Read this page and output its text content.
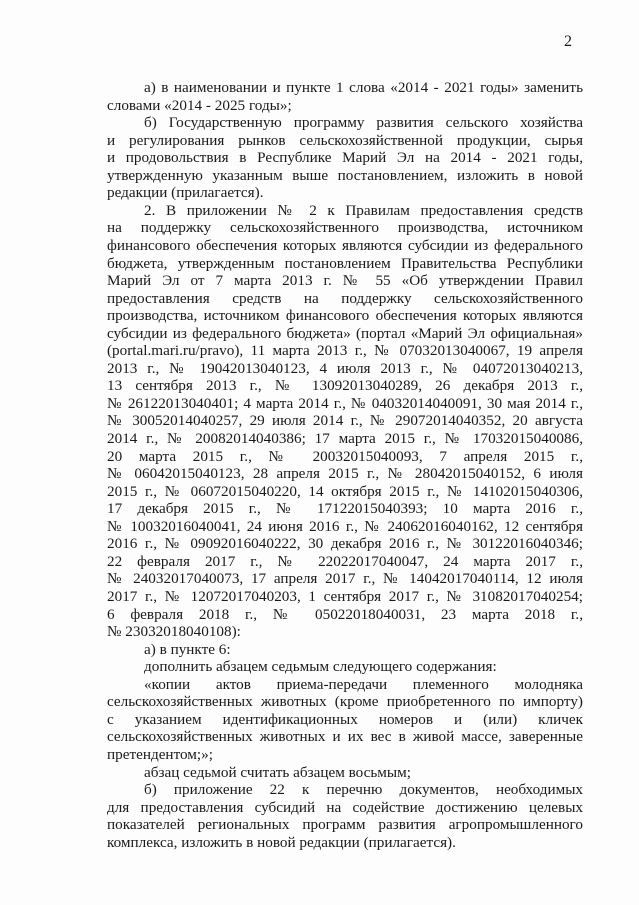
2
а) в наименовании и пункте 1 слова «2014 - 2021 годы» заменить
словами «2014 - 2025 годы»;
б) Государственную программу развития сельского хозяйства
и регулирования рынков сельскохозяйственной продукции, сырья
и продовольствия в Республике Марий Эл на 2014 - 2021 годы,
утвержденную указанным выше постановлением, изложить в новой
редакции (прилагается).
2. В приложении № 2 к Правилам предоставления средств
на поддержку сельскохозяйственного производства, источником
финансового обеспечения которых являются субсидии из федерального
бюджета, утвержденным постановлением Правительства Республики
Марий Эл от 7 марта 2013 г. № 55 «Об утверждении Правил
предоставления средств на поддержку сельскохозяйственного
производства, источником финансового обеспечения которых являются
субсидии из федерального бюджета» (портал «Марий Эл официальная»
(portal.mari.ru/pravo), 11 марта 2013 г., № 07032013040067, 19 апреля
2013 г., № 19042013040123, 4 июля 2013 г., № 04072013040213,
13 сентября 2013 г., № 13092013040289, 26 декабря 2013 г.,
№ 26122013040401; 4 марта 2014 г., № 04032014040091, 30 мая 2014 г.,
№ 30052014040257, 29 июля 2014 г., № 29072014040352, 20 августа
2014 г., № 20082014040386; 17 марта 2015 г., № 17032015040086,
20 марта 2015 г., № 20032015040093, 7 апреля 2015 г.,
№ 06042015040123, 28 апреля 2015 г., № 28042015040152, 6 июля
2015 г., № 06072015040220, 14 октября 2015 г., № 14102015040306,
17 декабря 2015 г., № 17122015040393; 10 марта 2016 г.,
№ 10032016040041, 24 июня 2016 г., № 24062016040162, 12 сентября
2016 г., № 09092016040222, 30 декабря 2016 г., № 30122016040346;
22 февраля 2017 г., № 22022017040047, 24 марта 2017 г.,
№ 24032017040073, 17 апреля 2017 г., № 14042017040114, 12 июля
2017 г., № 12072017040203, 1 сентября 2017 г., № 31082017040254;
6 февраля 2018 г., № 05022018040031, 23 марта 2018 г.,
№ 23032018040108):
а) в пункте 6:
дополнить абзацем седьмым следующего содержания:
«копии актов приема-передачи племенного молодняка
сельскохозяйственных животных (кроме приобретенного по импорту)
с указанием идентификационных номеров и (или) кличек
сельскохозяйственных животных и их вес в живой массе, заверенные
претендентом;»;
абзац седьмой считать абзацем восьмым;
б) приложение 22 к перечню документов, необходимых
для предоставления субсидий на содействие достижению целевых
показателей региональных программ развития агропромышленного
комплекса, изложить в новой редакции (прилагается).
